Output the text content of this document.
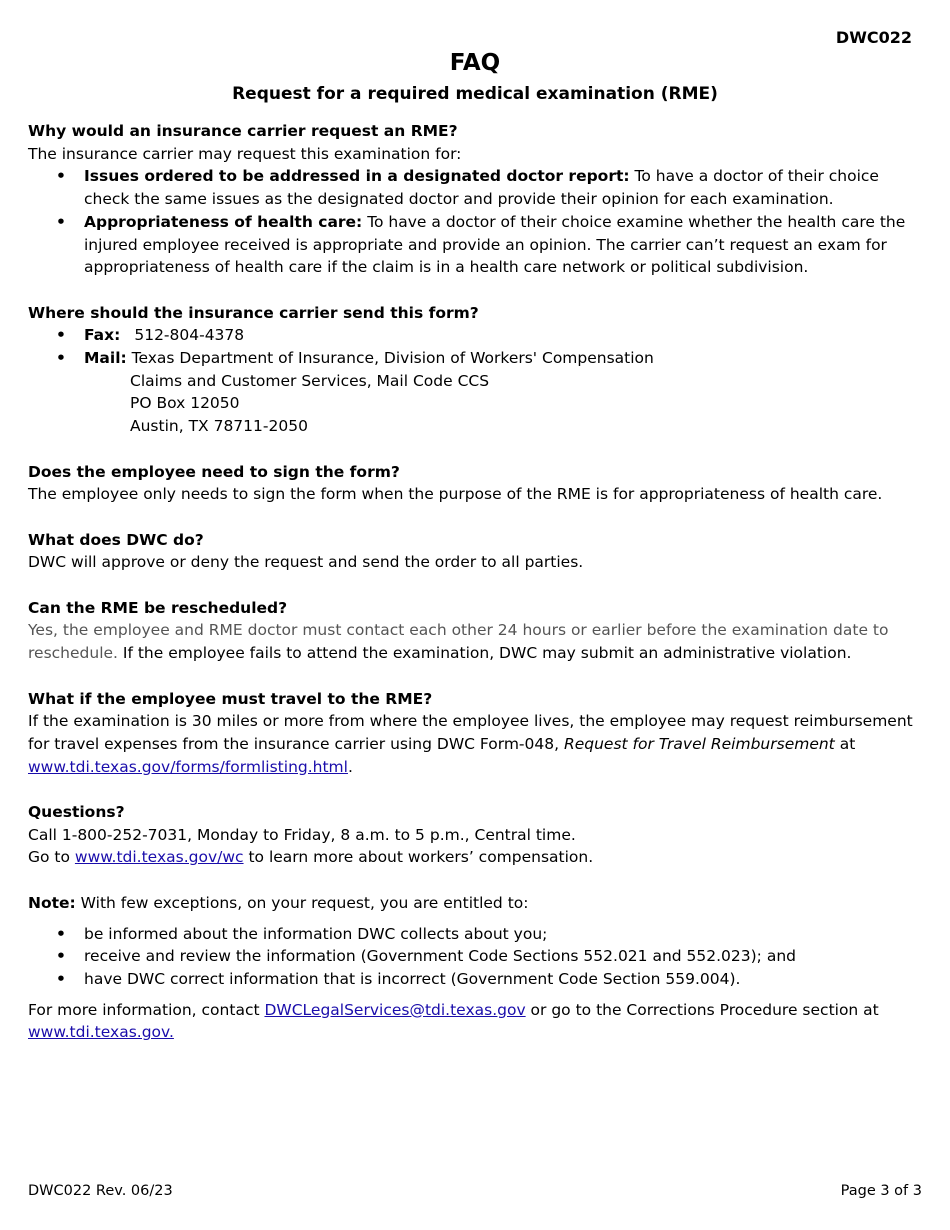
DWC022
FAQ
Request for a required medical examination (RME)
Why would an insurance carrier request an RME?
The insurance carrier may request this examination for:
• Issues ordered to be addressed in a designated doctor report: To have a doctor of their choice check the same issues as the designated doctor and provide their opinion for each examination.
• Appropriateness of health care: To have a doctor of their choice examine whether the health care the injured employee received is appropriate and provide an opinion. The carrier can’t request an exam for appropriateness of health care if the claim is in a health care network or political subdivision.
Where should the insurance carrier send this form?
• Fax: 512-804-4378
• Mail: Texas Department of Insurance, Division of Workers' Compensation
Claims and Customer Services, Mail Code CCS
PO Box 12050
Austin, TX 78711-2050
Does the employee need to sign the form?
The employee only needs to sign the form when the purpose of the RME is for appropriateness of health care.
What does DWC do?
DWC will approve or deny the request and send the order to all parties.
Can the RME be rescheduled?
Yes, the employee and RME doctor must contact each other 24 hours or earlier before the examination date to reschedule. If the employee fails to attend the examination, DWC may submit an administrative violation.
What if the employee must travel to the RME?
If the examination is 30 miles or more from where the employee lives, the employee may request reimbursement for travel expenses from the insurance carrier using DWC Form-048, Request for Travel Reimbursement at
www.tdi.texas.gov/forms/formlisting.html.
Questions?
Call 1-800-252-7031, Monday to Friday, 8 a.m. to 5 p.m., Central time.
Go to www.tdi.texas.gov/wc to learn more about workers’ compensation.
Note: With few exceptions, on your request, you are entitled to:
• be informed about the information DWC collects about you;
• receive and review the information (Government Code Sections 552.021 and 552.023); and
• have DWC correct information that is incorrect (Government Code Section 559.004).
For more information, contact DWCLegalServices@tdi.texas.gov or go to the Corrections Procedure section at
www.tdi.texas.gov.
DWC022 Rev. 06/23	Page 3 of 3
